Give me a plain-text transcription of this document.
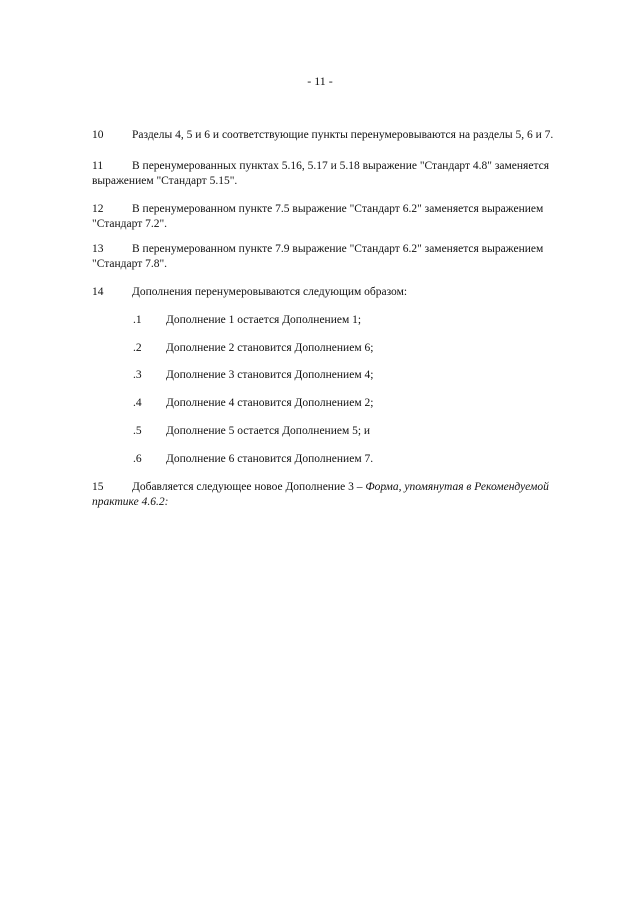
- 11 -
10	Разделы 4, 5 и 6 и соответствующие пункты перенумеровываются на разделы 5, 6 и 7.
11	В перенумерованных пунктах 5.16, 5.17 и 5.18 выражение "Стандарт 4.8" заменяется
выражением "Стандарт 5.15".
12	В перенумерованном пункте 7.5 выражение "Стандарт 6.2" заменяется выражением
"Стандарт 7.2".
13	В перенумерованном пункте 7.9 выражение "Стандарт 6.2" заменяется выражением
"Стандарт 7.8".
14	Дополнения перенумеровываются следующим образом:
.1 Дополнение 1 остается Дополнением 1;
.2 Дополнение 2 становится Дополнением 6;
.3 Дополнение 3 становится Дополнением 4;
.4 Дополнение 4 становится Дополнением 2;
.5 Дополнение 5 остается Дополнением 5; и
.6 Дополнение 6 становится Дополнением 7.
15	Добавляется следующее новое Дополнение 3 – Форма, упомянутая в Рекомендуемой
практике 4.6.2:
